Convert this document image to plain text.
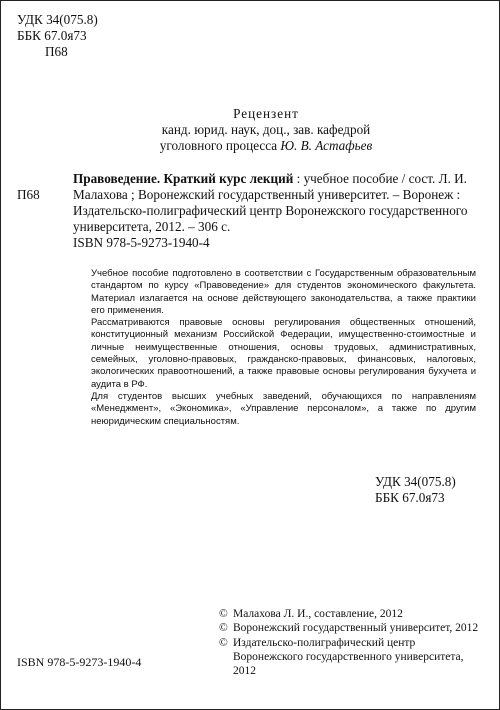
УДК 34(075.8)
ББК 67.0я73
П68
Рецензент
канд. юрид. наук, доц., зав. кафедрой
уголовного процесса Ю. В. Астафьев
П68
Правоведение. Краткий курс лекций : учебное пособие / сост. Л. И. Малахова ; Воронежский государственный университет. – Воронеж : Издательско-полиграфический центр Воронежского государственного университета, 2012. – 306 с.
ISBN 978-5-9273-1940-4

Учебное пособие подготовлено в соответствии с Государственным образовательным стандартом по курсу «Правоведение» для студентов экономического факультета. Материал излагается на основе действующего законодательства, а также практики его применения.

Рассматриваются правовые основы регулирования общественных отношений, конституционный механизм Российской Федерации, имущественно-стоимостные и личные неимущественные отношения, основы трудовых, административных, семейных, уголовно-правовых, гражданско-правовых, финансовых, налоговых, экологических правоотношений, а также правовые основы регулирования бухучета и аудита в РФ.

Для студентов высших учебных заведений, обучающихся по направлениям «Менеджмент», «Экономика», «Управление персоналом», а также по другим неюридическим специальностям.

УДК 34(075.8)
ББК 67.0я73
ISBN 978-5-9273-1940-4
© Малахова Л. И., составление, 2012
© Воронежский государственный университет, 2012
© Издательско-полиграфический центр Воронежского государственного университета, 2012
